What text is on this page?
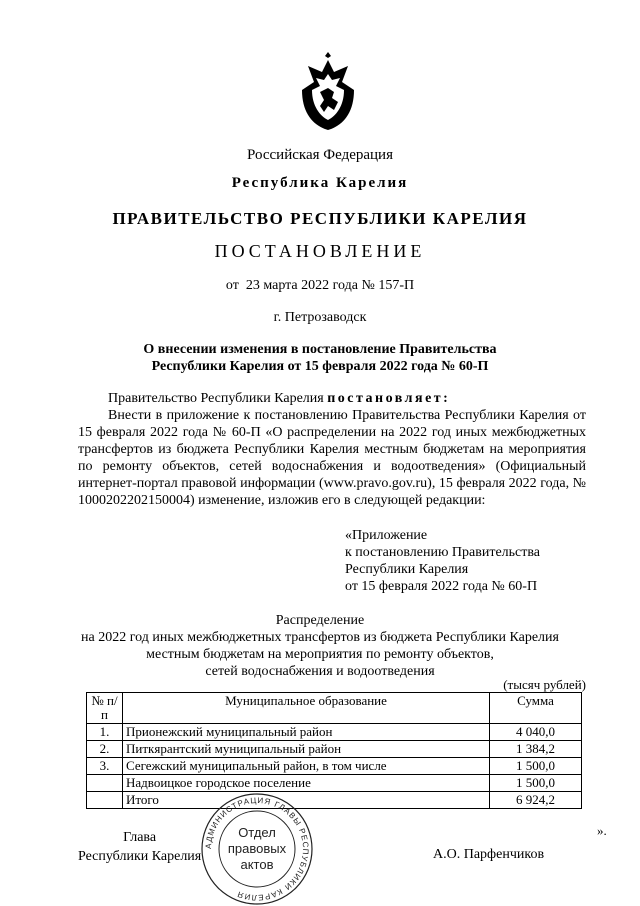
Российская Федерация
Республика Карелия
ПРАВИТЕЛЬСТВО РЕСПУБЛИКИ КАРЕЛИЯ
ПОСТАНОВЛЕНИЕ
от  23 марта 2022 года № 157-П
г. Петрозаводск
О внесении изменения в постановление Правительства
Республики Карелия от 15 февраля 2022 года № 60-П
Правительство Республики Карелия постановляет:
Внести в приложение к постановлению Правительства Республики Карелия от 15 февраля 2022 года № 60-П «О распределении на 2022 год иных межбюджетных трансфертов из бюджета Республики Карелия местным бюджетам на мероприятия по ремонту объектов, сетей водоснабжения и водоотведения» (Официальный интернет-портал правовой информации (www.pravo.gov.ru), 15 февраля 2022 года, № 1000202202150004) изменение, изложив его в следующей редакции:
«Приложение
к постановлению Правительства
Республики Карелия
от 15 февраля 2022 года № 60-П
Распределение
на 2022 год иных межбюджетных трансфертов из бюджета Республики Карелия
местным бюджетам на мероприятия по ремонту объектов,
сетей водоснабжения и водоотведения
(тысяч рублей)
№ п/п	Муниципальное образование	Сумма
1.	Прионежский муниципальный район	4 040,0
2.	Питкярантский муниципальный район	1 384,2
3.	Сегежский муниципальный район, в том числе	1 500,0
	Надвоицкое городское поселение	1 500,0
	Итого	6 924,2
».
Глава
Республики Карелия
АДМИНИСТРАЦИЯ ГЛАВЫ РЕСПУБЛИКИ КАРЕЛИЯ
Отдел
правовых
актов
А.О. Парфенчиков
